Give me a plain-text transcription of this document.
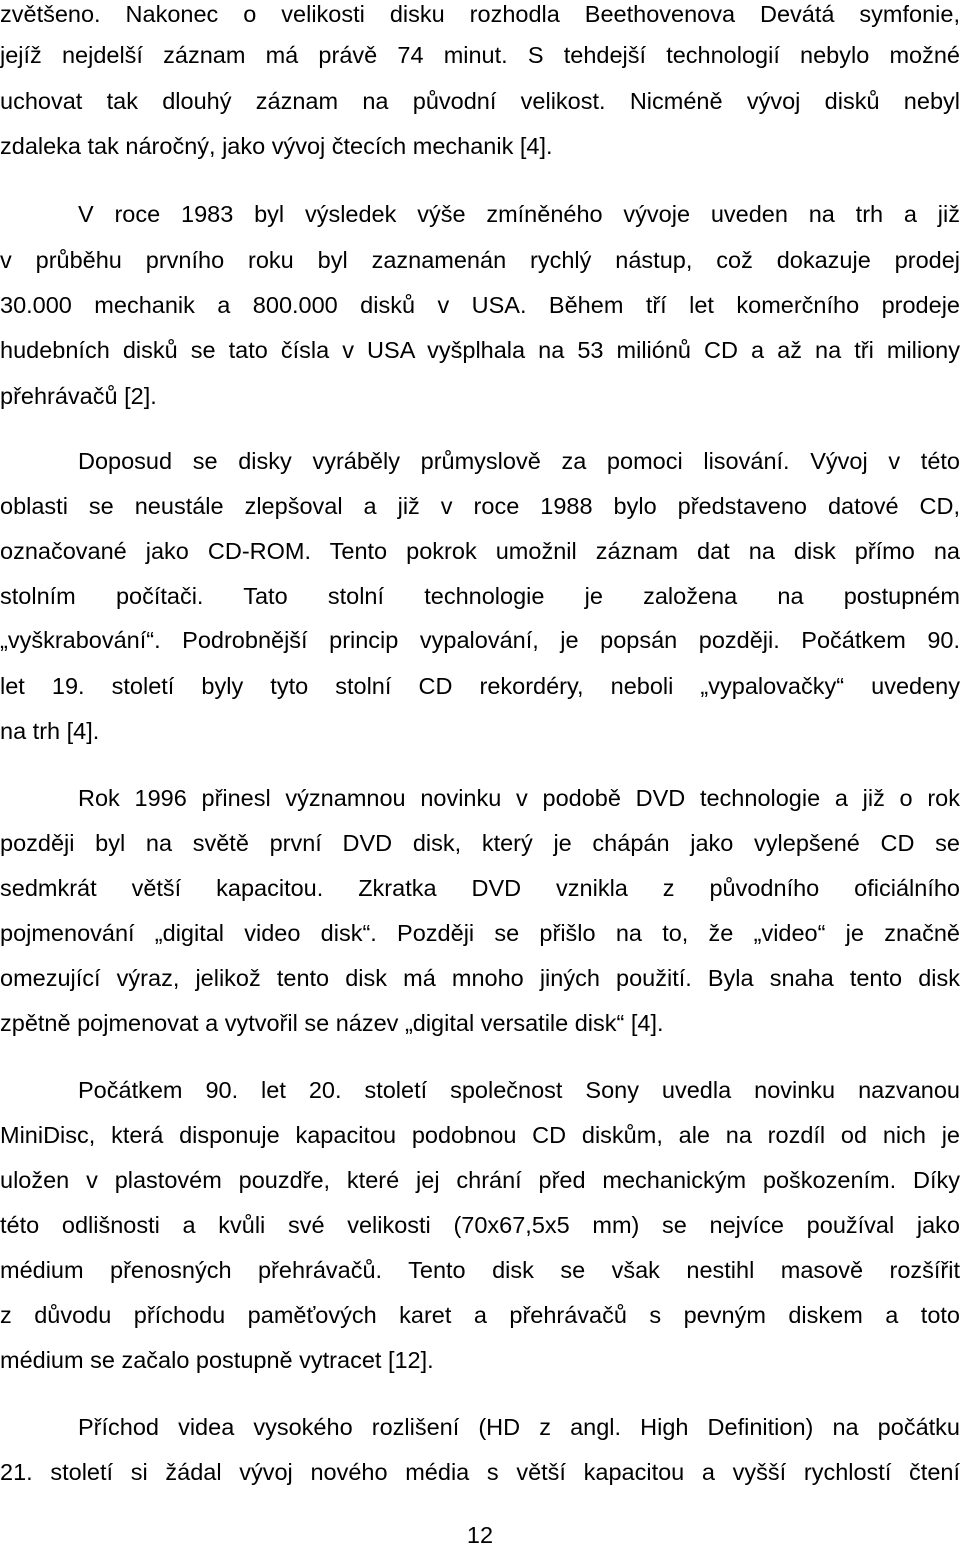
zvětšeno. Nakonec o velikosti disku rozhodla Beethovenova Devátá symfonie,
jejíž nejdelší záznam má právě 74 minut. S tehdejší technologií nebylo možné
uchovat tak dlouhý záznam na původní velikost. Nicméně vývoj disků nebyl
zdaleka tak náročný, jako vývoj čtecích mechanik [4].
V roce 1983 byl výsledek výše zmíněného vývoje uveden na trh a již
v průběhu prvního roku byl zaznamenán rychlý nástup, což dokazuje prodej
30.000 mechanik a 800.000 disků v USA. Během tří let komerčního prodeje
hudebních disků se tato čísla v USA vyšplhala na 53 miliónů CD a až na tři miliony
přehrávačů [2].
Doposud se disky vyráběly průmyslově za pomoci lisování. Vývoj v této
oblasti se neustále zlepšoval a již v roce 1988 bylo představeno datové CD,
označované jako CD-ROM. Tento pokrok umožnil záznam dat na disk přímo na
stolním počítači. Tato stolní technologie je založena na postupném
„vyškrabování“. Podrobnější princip vypalování, je popsán později. Počátkem 90.
let 19. století byly tyto stolní CD rekordéry, neboli „vypalovačky“ uvedeny
na trh [4].
Rok 1996 přinesl významnou novinku v podobě DVD technologie a již o rok
později byl na světě první DVD disk, který je chápán jako vylepšené CD se
sedmkrát větší kapacitou. Zkratka DVD vznikla z původního oficiálního
pojmenování „digital video disk“. Později se přišlo na to, že „video“ je značně
omezující výraz, jelikož tento disk má mnoho jiných použití. Byla snaha tento disk
zpětně pojmenovat a vytvořil se název „digital versatile disk“ [4].
Počátkem 90. let 20. století společnost Sony uvedla novinku nazvanou
MiniDisc, která disponuje kapacitou podobnou CD diskům, ale na rozdíl od nich je
uložen v plastovém pouzdře, které jej chrání před mechanickým poškozením. Díky
této odlišnosti a kvůli své velikosti (70x67,5x5 mm) se nejvíce používal jako
médium přenosných přehrávačů. Tento disk se však nestihl masově rozšířit
z důvodu příchodu paměťových karet a přehrávačů s pevným diskem a toto
médium se začalo postupně vytracet [12].
Příchod videa vysokého rozlišení (HD z angl. High Definition) na počátku
21. století si žádal vývoj nového média s větší kapacitou a vyšší rychlostí čtení
12
